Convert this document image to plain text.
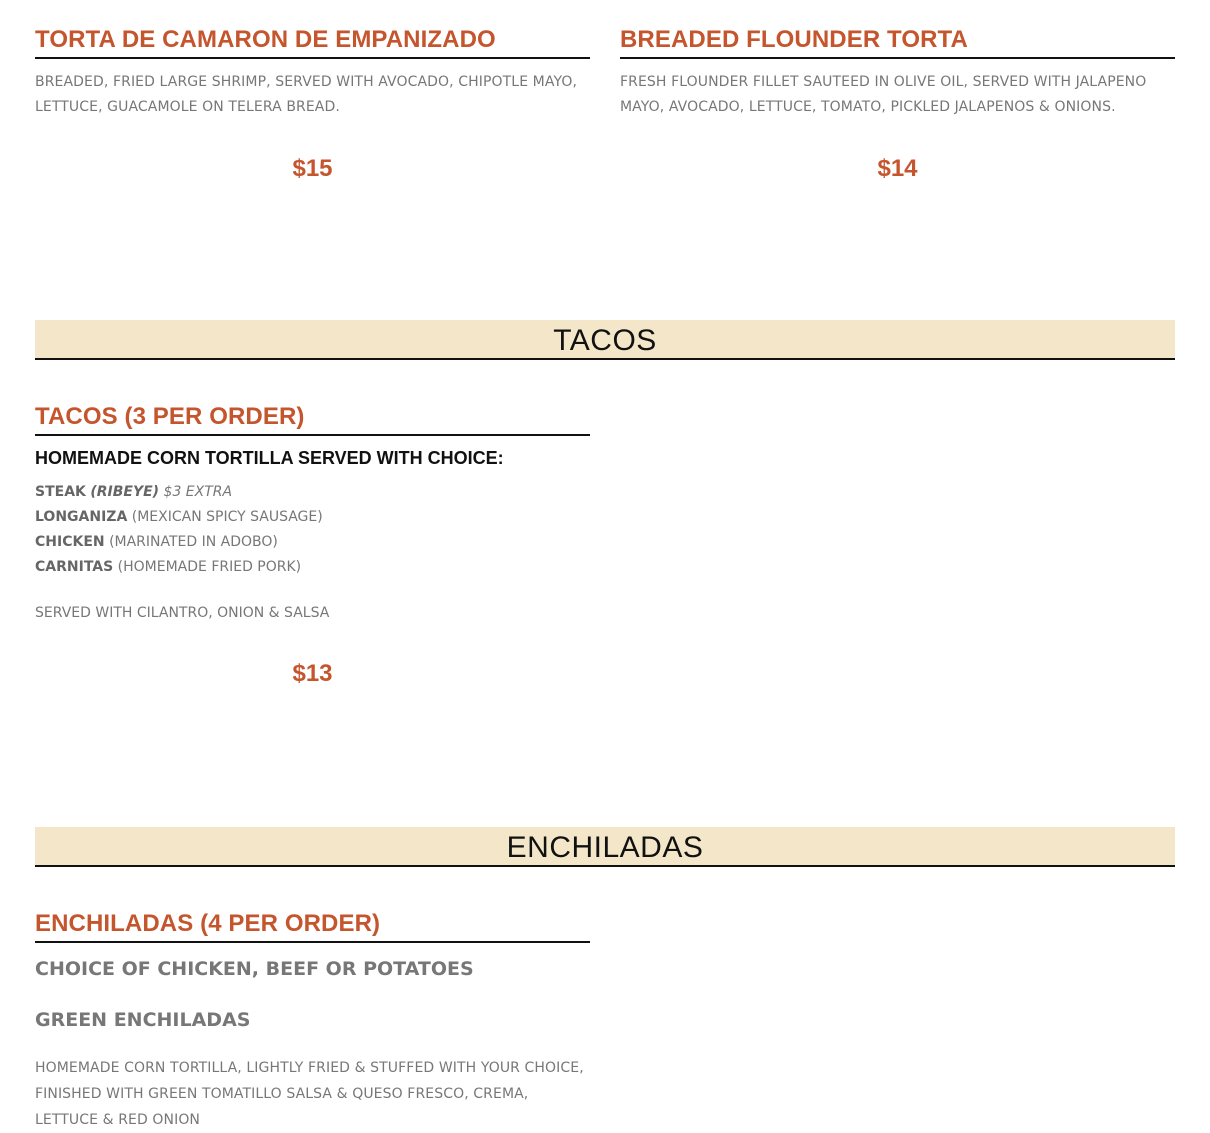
TORTA DE CAMARON DE EMPANIZADO
BREADED, FRIED LARGE SHRIMP, SERVED WITH AVOCADO, CHIPOTLE MAYO, LETTUCE, GUACAMOLE ON TELERA BREAD.
$15
BREADED FLOUNDER TORTA
FRESH FLOUNDER FILLET SAUTEED IN OLIVE OIL, SERVED WITH JALAPENO MAYO, AVOCADO, LETTUCE, TOMATO, PICKLED JALAPENOS & ONIONS.
$14
TACOS
TACOS (3 PER ORDER)
HOMEMADE CORN TORTILLA SERVED WITH CHOICE:
STEAK (RIBEYE) $3 EXTRA
LONGANIZA (MEXICAN SPICY SAUSAGE)
CHICKEN (MARINATED IN ADOBO)
CARNITAS (HOMEMADE FRIED PORK)
SERVED WITH CILANTRO, ONION & SALSA
$13
ENCHILADAS
ENCHILADAS (4 PER ORDER)
CHOICE OF CHICKEN, BEEF OR POTATOES
GREEN ENCHILADAS
HOMEMADE CORN TORTILLA, LIGHTLY FRIED & STUFFED WITH YOUR CHOICE, FINISHED WITH GREEN TOMATILLO SALSA & QUESO FRESCO, CREMA, LETTUCE & RED ONION
